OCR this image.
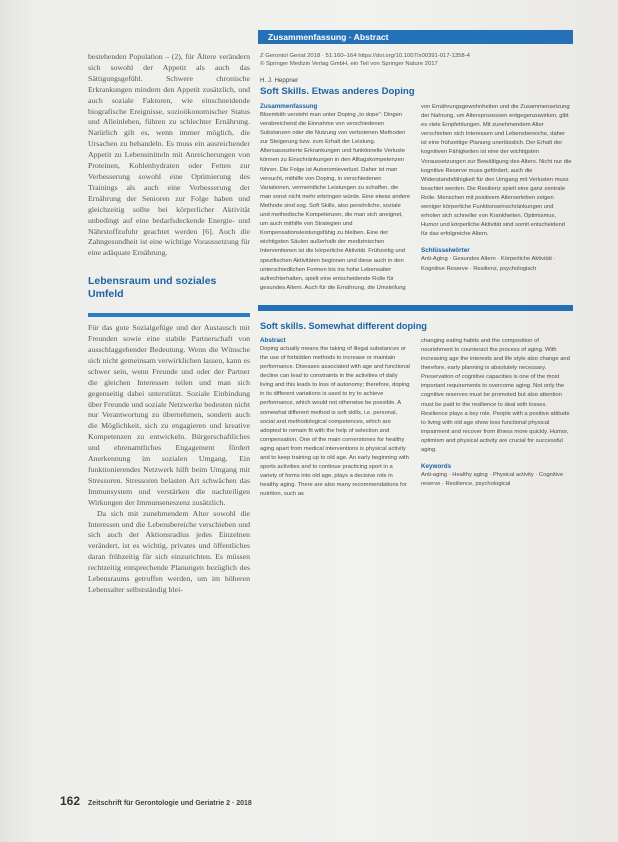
bestehenden Population – (2), für Ältere verändern sich sowohl der Appetit als auch das Sättigungsgefühl. Schwere chronische Erkrankungen mindern den Appetit zusätzlich, und auch soziale Faktoren, wie einschneidende biografische Ereignisse, sozioökonomischer Status und Alleinleben, führen zu schlechter Ernährung. Natürlich gilt es, wenn immer möglich, die Ursachen zu behandeln. Es muss ein ausreichender Appetit zu Lebensmitteln mit Anreicherungen von Proteinen, Kohlenhydraten oder Fetten zur Verbesserung sowohl eine Optimierung des Trainings als auch eine Verbesserung der Ernährung der Senioren zur Folge haben und gleichzeitig sollte bei körperlicher Aktivität unbedingt auf eine bedarfsdeckende Energie- und Nährstoffzufuhr geachtet werden [6]. Auch die Zahngesundheit ist eine wichtige Voraussetzung für eine adäquate Ernährung.

Lebensraum und soziales Umfeld

Für das gute Sozialgefüge und der Austausch mit Freunden sowie eine stabile Partnerschaft von ausschlaggebender Bedeutung. Wenn die Wünsche sich nicht gemeinsam verwirklichen lassen, kann es schwer sein, wenn Freunde und oder der Partner die gleichen Interessen teilen und man sich gegenseitig dabei unterstützt. Soziale Einbindung über Freunde und soziale Netzwerke bedeuten nicht nur Verantwortung zu übernehmen, sondern auch die Möglichkeit, sich zu engagieren und kreative Kompetenzen zu entwickeln. Bürgerschaftliches und ehrenamtliches Engagement fördert Anerkennung im sozialen Umgang. Ein funktionierendes Netzwerk hilft beim Umgang mit Stressoren. Stressoren belasten Art schwächen das Immunsystem und verstärken die nachteiligen Wirkungen der Immunseneszenz zusätzlich.

Da sich mit zunehmendem Alter sowohl die Interessen und die Lebensbereiche verschieben und sich auch der Aktionsradius jedes Einzelnen verändert, ist es wichtig, privates und öffentliches daran frühzeitig für sich einzurichten. Es müssen rechtzeitig entsprechende Planungen bezüglich des Lebensraums getroffen werden, um im höheren Lebensalter selbstständig blei-

162 Zeitschrift für Gerontologie und Geriatrie 2 · 2018
Zusammenfassung · Abstract
Z Gerontol Geriat 2018 · 51:160–164 https://doi.org/10.1007/s00391-017-1358-4
© Springer Medizin Verlag GmbH, ein Teil von Springer Nature 2017
H. J. Heppner
Soft Skills. Etwas anderes Doping
Zusammenfassung

Bloembith versteht man unter Doping „to dope“: Dingen verabreichend die Einnahme von verschiedenen Substanzen oder die Nutzung von verbotenen Methoden zur Steigerung bzw. zum Erhalt der Leistung. Altersassoziierte Erkrankungen und funktionelle Verluste können zu Einschränkungen in den Alltagskompetenzen führen. Die Folge ist Autonomieverlust. Daher ist man versucht, mithilfe von Doping, in verschiedenen Variationen, vermeintliche Leistungen zu schaffen, die man sonst nicht mehr erbringen würde. Eine etwas andere Methode sind sog. Soft Skills, also persönliche, soziale und methodische Kompetenzen, die man sich aneignet, um auch mithilfe von Strategien und Kompensationsleistungsfähig zu bleiben. Eine der wichtigsten Säulen außerhalb der medizinischen Interventionen ist die körperliche Aktivität. Frühzeitig und spezifischen Aktivitäten beginnen und diese auch in den unterschiedlichen Formen bis ins hohe Lebensalter aufrechterhalten, spielt eine entscheidende Rolle für gesundes Altern. Auch für die Ernährung, die Umstellung

von Ernährungsgewohnheiten und die Zusammensetzung der Nahrung, um Altersprozessen entgegenzuwirken, gibt es viele Empfehlungen. Mit zunehmendem Alter verschieben sich Interessen und Lebensbereiche, daher ist eine frühzeitige Planung unerlässlich. Der Erhalt der kognitiven Fähigkeiten ist eine der wichtigsten Voraussetzungen zur Bewältigung des Alters. Nicht nur die kognitive Reserve muss gefördert, auch die Widerstandsfähigkeit für den Umgang mit Verlusten muss beachtet werden. Die Resilienz spielt eine ganz zentrale Rolle. Menschen mit positivem Alterserleben zeigen weniger körperliche Funktionseinschränkungen und erholen sich schneller von Krankheiten. Optimismus, Humor und körperliche Aktivität sind somit entscheidend für das erfolgreiche Altern.

Schlüsselwörter

Anti-Aging · Gesundes Altern · Körperliche Aktivität · Kognitive Reserve · Resilienz, psychologisch

Soft skills. Somewhat different doping
Abstract

Doping actually means the taking of illegal substances or the use of forbidden methods to increase or maintain performance. Diseases associated with age and functional decline can lead to constraints in the activities of daily living and this leads to loss of autonomy; therefore, doping in its different variations is used to try to achieve performance, which would not otherwise be possible. A somewhat different method is soft skills, i.e. personal, social and methodological competences, which are adopted to remain fit with the help of selection and compensation. One of the main cornerstones for healthy aging apart from medical interventions is physical activity and to keep training up to old age. An early beginning with sports activities and to continue practicing sport in a variety of forms into old age, plays a decisive role in healthy aging. There are also many recommendations for nutrition, such as

changing eating habits and the composition of nourishment to counteract the process of aging. With increasing age the interests and life style also change and therefore, early planning is absolutely necessary. Preservation of cognitive capacities is one of the most important requirements to overcome aging. Not only the cognitive reserves must be promoted but also attention must be paid to the resilience to deal with losses. Resilience plays a key role. People with a positive attitude to living with old age show less functional physical impairment and recover from illness more quickly. Humor, optimism and physical activity are crucial for successful aging.

Keywords

Anti-aging · Healthy aging · Physical activity · Cognitive reserve · Resilience, psychological
